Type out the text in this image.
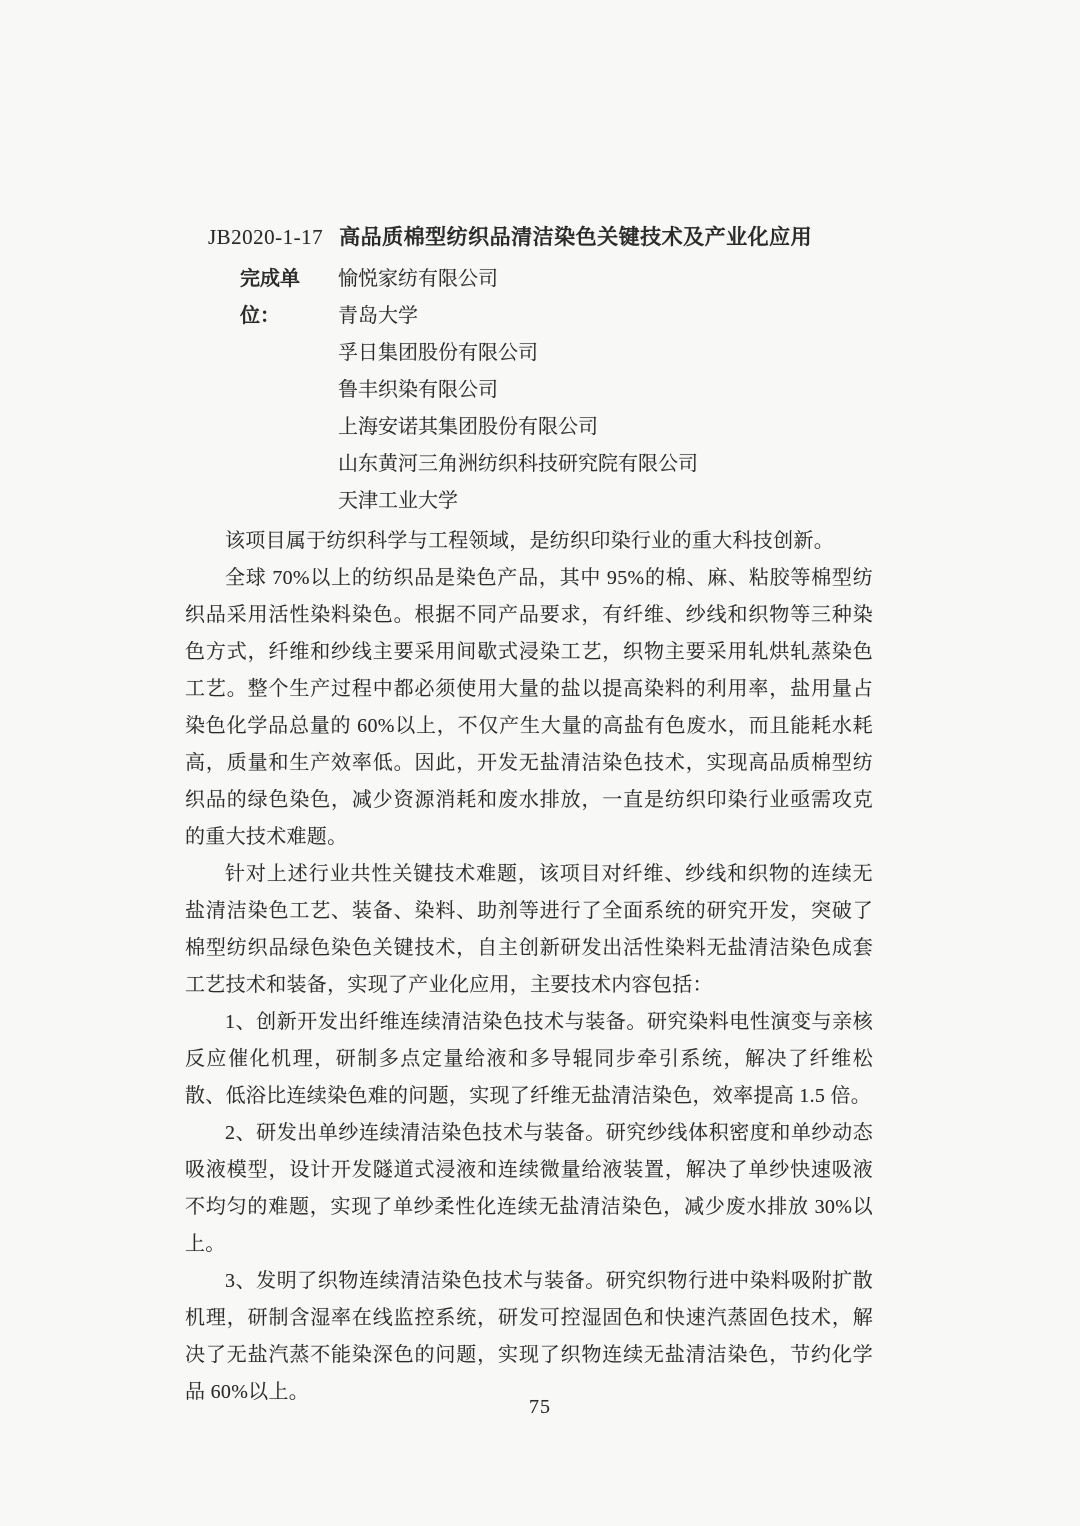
JB2020-1-17 高品质棉型纺织品清洁染色关键技术及产业化应用
完成单位：
愉悦家纺有限公司
青岛大学
孚日集团股份有限公司
鲁丰织染有限公司
上海安诺其集团股份有限公司
山东黄河三角洲纺织科技研究院有限公司
天津工业大学

该项目属于纺织科学与工程领域，是纺织印染行业的重大科技创新。

全球 70%以上的纺织品是染色产品，其中 95%的棉、麻、粘胶等棉型纺织品采用活性染料染色。根据不同产品要求，有纤维、纱线和织物等三种染色方式，纤维和纱线主要采用间歇式浸染工艺，织物主要采用轧烘轧蒸染色工艺。整个生产过程中都必须使用大量的盐以提高染料的利用率，盐用量占染色化学品总量的 60%以上，不仅产生大量的高盐有色废水，而且能耗水耗高，质量和生产效率低。因此，开发无盐清洁染色技术，实现高品质棉型纺织品的绿色染色，减少资源消耗和废水排放，一直是纺织印染行业亟需攻克的重大技术难题。

针对上述行业共性关键技术难题，该项目对纤维、纱线和织物的连续无盐清洁染色工艺、装备、染料、助剂等进行了全面系统的研究开发，突破了棉型纺织品绿色染色关键技术，自主创新研发出活性染料无盐清洁染色成套工艺技术和装备，实现了产业化应用，主要技术内容包括：

1、创新开发出纤维连续清洁染色技术与装备。研究染料电性演变与亲核反应催化机理，研制多点定量给液和多导辊同步牵引系统，解决了纤维松散、低浴比连续染色难的问题，实现了纤维无盐清洁染色，效率提高 1.5 倍。

2、研发出单纱连续清洁染色技术与装备。研究纱线体积密度和单纱动态吸液模型，设计开发隧道式浸液和连续微量给液装置，解决了单纱快速吸液不均匀的难题，实现了单纱柔性化连续无盐清洁染色，减少废水排放 30%以上。

3、发明了织物连续清洁染色技术与装备。研究织物行进中染料吸附扩散机理，研制含湿率在线监控系统，研发可控湿固色和快速汽蒸固色技术，解决了无盐汽蒸不能染深色的问题，实现了织物连续无盐清洁染色，节约化学品 60%以上。

75
